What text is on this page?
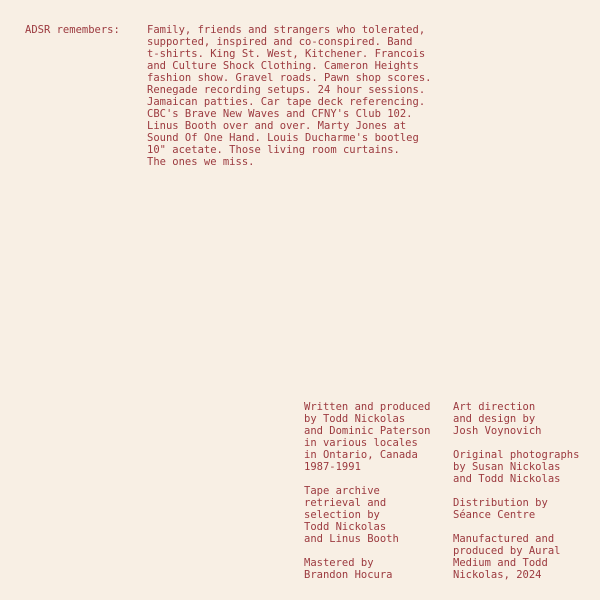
ADSR remembers:	Family, friends and strangers who tolerated,
supported, inspired and co-conspired. Band
t-shirts. King St. West, Kitchener. Francois
and Culture Shock Clothing. Cameron Heights
fashion show. Gravel roads. Pawn shop scores.
Renegade recording setups. 24 hour sessions.
Jamaican patties. Car tape deck referencing.
CBC's Brave New Waves and CFNY's Club 102.
Linus Booth over and over. Marty Jones at
Sound Of One Hand. Louis Ducharme's bootleg
10" acetate. Those living room curtains.
The ones we miss.
Written and produced
by Todd Nickolas
and Dominic Paterson
in various locales
in Ontario, Canada
1987-1991
Tape archive
retrieval and
selection by
Todd Nickolas
and Linus Booth
Mastered by
Brandon Hocura
Art direction
and design by
Josh Voynovich
Original photographs
by Susan Nickolas
and Todd Nickolas
Distribution by
Séance Centre
Manufactured and
produced by Aural
Medium and Todd
Nickolas, 2024
